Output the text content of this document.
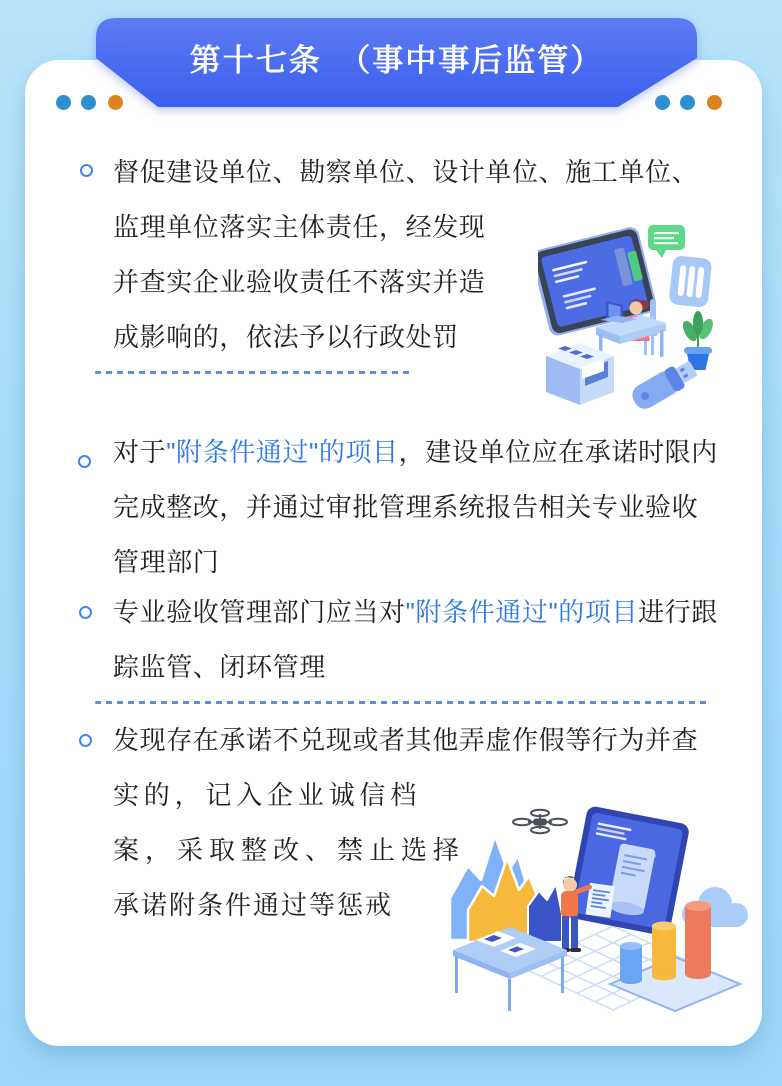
第十七条　（事中事后监管）
督促建设单位、勘察单位、设计单位、施工单位、
监理单位落实主体责任，经发现
并查实企业验收责任不落实并造
成影响的，依法予以行政处罚
对于"附条件通过"的项目，建设单位应在承诺时限内
完成整改，并通过审批管理系统报告相关专业验收
管理部门
专业验收管理部门应当对"附条件通过"的项目进行跟
踪监管、闭环管理
发现存在承诺不兑现或者其他弄虚作假等行为并查
实的，记入企业诚信档
案，采取整改、禁止选择
承诺附条件通过等惩戒
